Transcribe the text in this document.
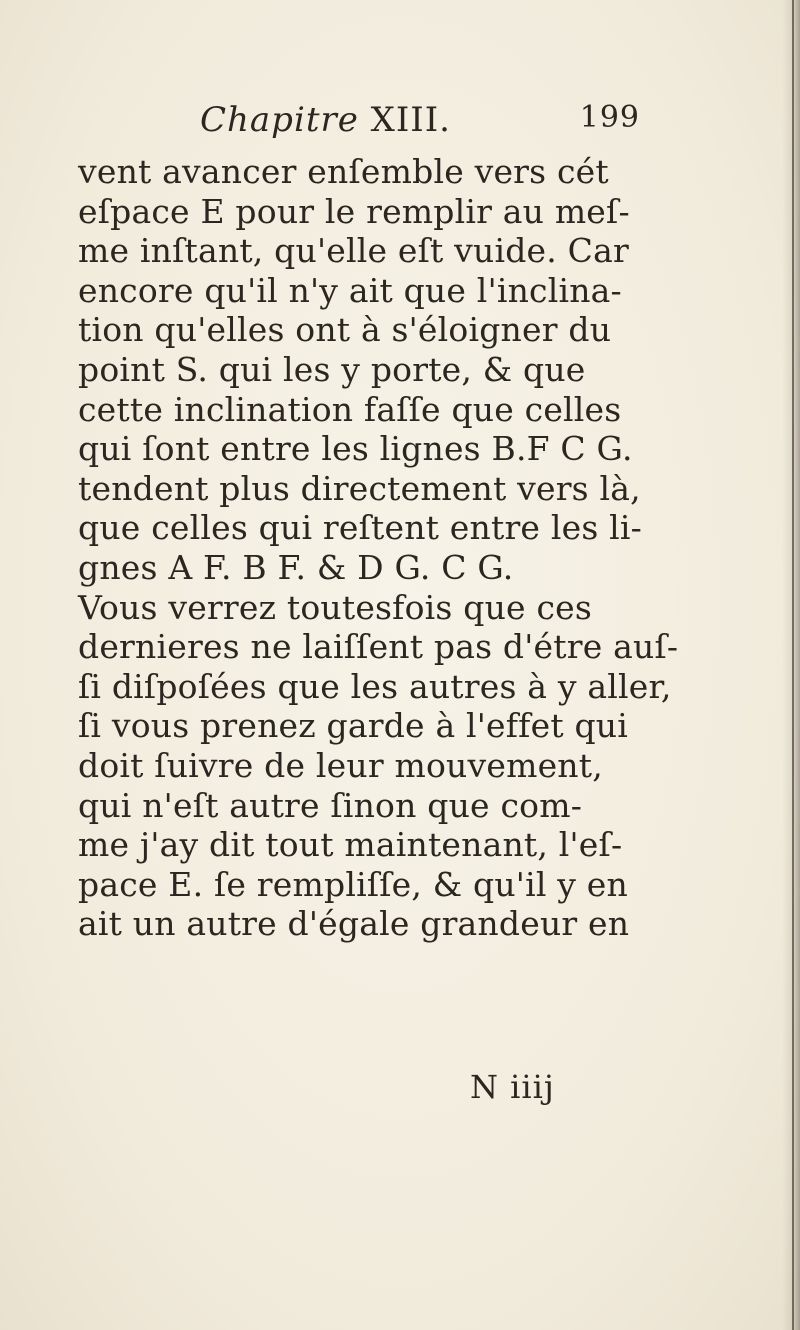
Chapitre XIII.	199
vent avancer enſemble vers cét
eſpace E pour le remplir au meſ-
me inſtant, qu'elle eſt vuide. Car
encore qu'il n'y ait que l'inclina-
tion qu'elles ont à s'éloigner du
point S. qui les y porte, & que
cette inclination faſſe que celles
qui ſont entre les lignes B.F C G.
tendent plus directement vers là,
que celles qui reſtent entre les li-
gnes A F. B F. & D G. C G.
Vous verrez toutesfois que ces
dernieres ne laiſſent pas d'étre auſ-
ſi diſpoſées que les autres à y aller,
ſi vous prenez garde à l'effet qui
doit ſuivre de leur mouvement,
qui n'eſt autre ſinon que com-
me j'ay dit tout maintenant, l'eſ-
pace E. ſe rempliſſe, & qu'il y en
ait un autre d'égale grandeur en
N iiij
